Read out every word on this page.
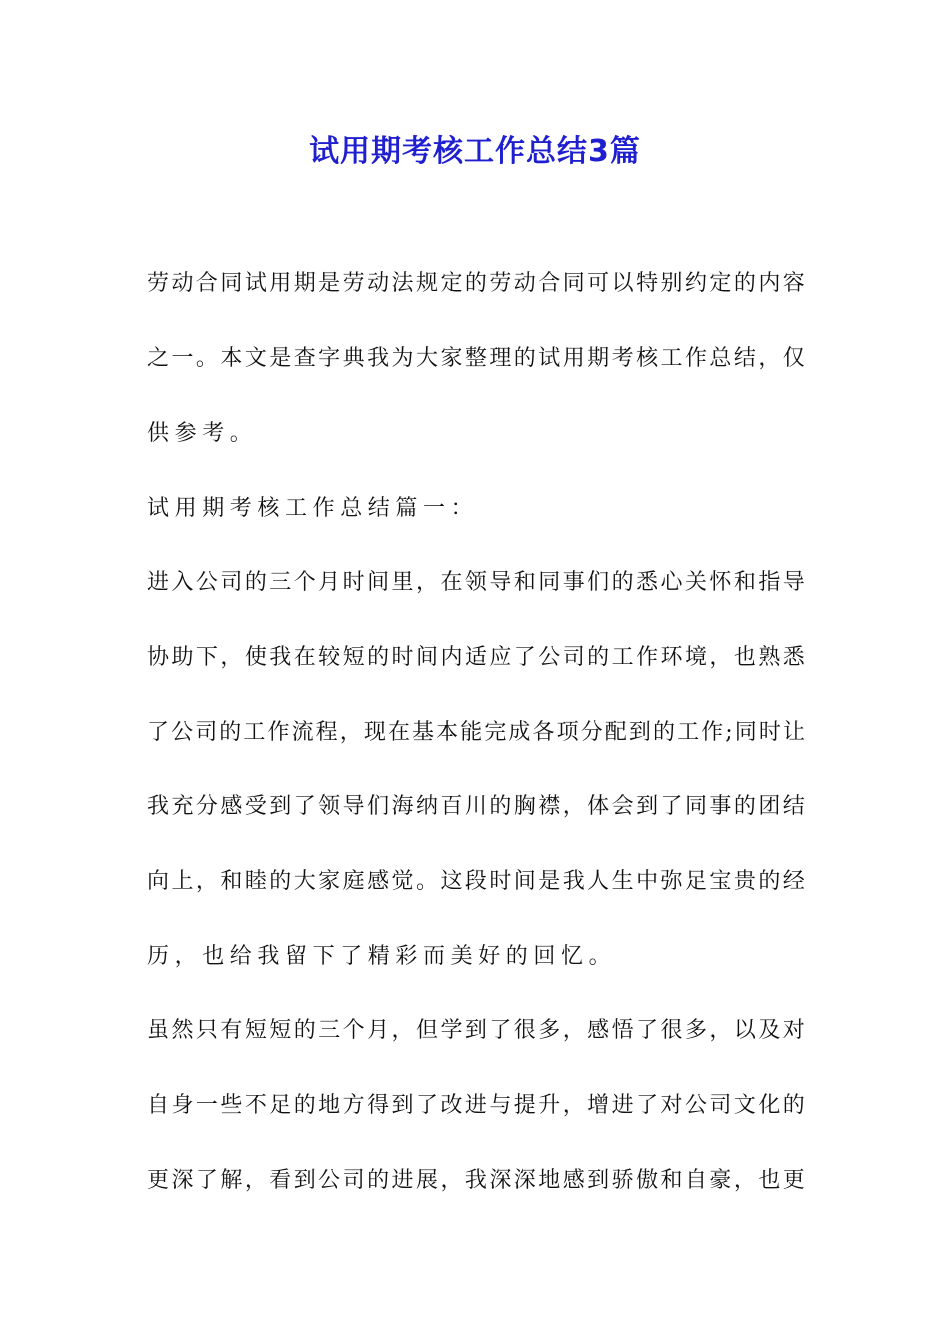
试用期考核工作总结3篇
劳 动 合 同 试 用 期 是 劳 动 法 规 定 的 劳 动 合 同 可 以 特 别 约 定 的 内 容
之 一 。 本 文 是 查 字 典 我 为 大 家 整 理 的 试 用 期 考 核 工 作 总 结 ， 仅
供参考。
试用期考核工作总结篇一：
进 入 公 司 的 三 个 月 时 间 里 ， 在 领 导 和 同 事 们 的 悉 心 关 怀 和 指 导
协 助 下 ， 使 我 在 较 短 的 时 间 内 适 应 了 公 司 的 工 作 环 境 ， 也 熟 悉
了 公 司 的 工 作 流 程 ， 现 在 基 本 能 完 成 各 项 分 配 到 的 工 作 ; 同 时 让
我 充 分 感 受 到 了 领 导 们 海 纳 百 川 的 胸 襟 ， 体 会 到 了 同 事 的 团 结
向 上 ， 和 睦 的 大 家 庭 感 觉 。 这 段 时 间 是 我 人 生 中 弥 足 宝 贵 的 经
历，也给我留下了精彩而美好的回忆。
虽 然 只 有 短 短 的 三 个 月 ， 但 学 到 了 很 多 ， 感 悟 了 很 多 ， 以 及 对
自 身 一 些 不 足 的 地 方 得 到 了 改 进 与 提 升 ， 增 进 了 对 公 司 文 化 的
更 深 了 解 ， 看 到 公 司 的 进 展 ， 我 深 深 地 感 到 骄 傲 和 自 豪 ， 也 更
